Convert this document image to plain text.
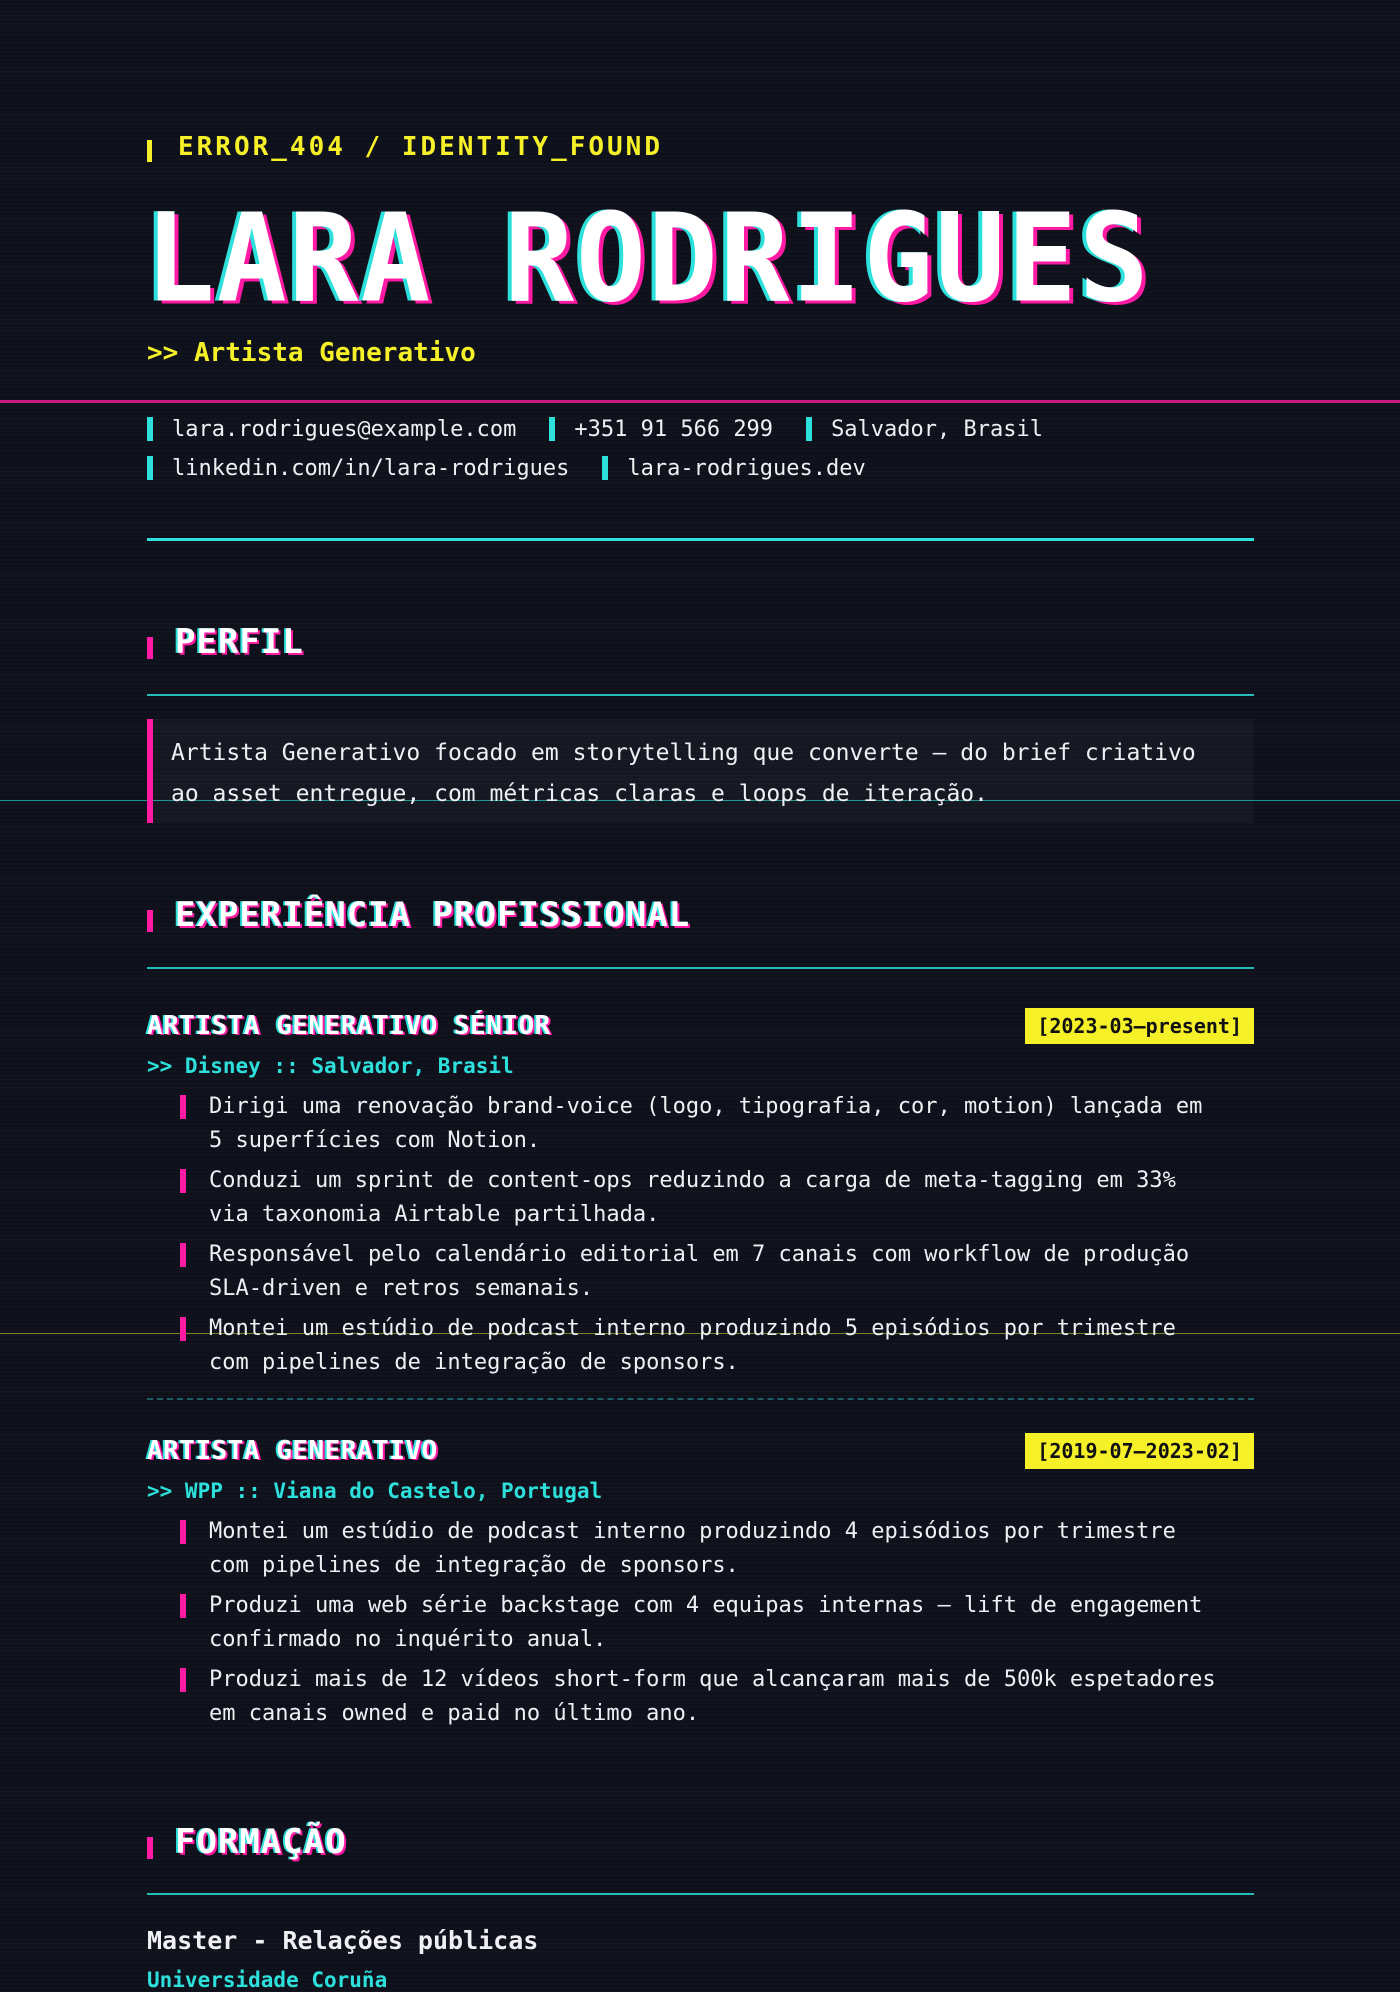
ERROR_404 / IDENTITY_FOUND
LARA RODRIGUES
>> Artista Generativo
lara.rodrigues@example.com	+351 91 566 299	Salvador, Brasil
linkedin.com/in/lara-rodrigues	lara-rodrigues.dev
PERFIL
Artista Generativo focado em storytelling que converte — do brief criativo ao asset entregue, com métricas claras e loops de iteração.
EXPERIÊNCIA PROFISSIONAL
ARTISTA GENERATIVO SÉNIOR	[2023-03–present]
>> Disney :: Salvador, Brasil
Dirigi uma renovação brand-voice (logo, tipografia, cor, motion) lançada em 5 superfícies com Notion.
Conduzi um sprint de content-ops reduzindo a carga de meta-tagging em 33% via taxonomia Airtable partilhada.
Responsável pelo calendário editorial em 7 canais com workflow de produção SLA-driven e retros semanais.
Montei um estúdio de podcast interno produzindo 5 episódios por trimestre com pipelines de integração de sponsors.
ARTISTA GENERATIVO	[2019-07–2023-02]
>> WPP :: Viana do Castelo, Portugal
Montei um estúdio de podcast interno produzindo 4 episódios por trimestre com pipelines de integração de sponsors.
Produzi uma web série backstage com 4 equipas internas — lift de engagement confirmado no inquérito anual.
Produzi mais de 12 vídeos short-form que alcançaram mais de 500k espetadores em canais owned e paid no último ano.
FORMAÇÃO
Master - Relações públicas
Universidade Coruña
